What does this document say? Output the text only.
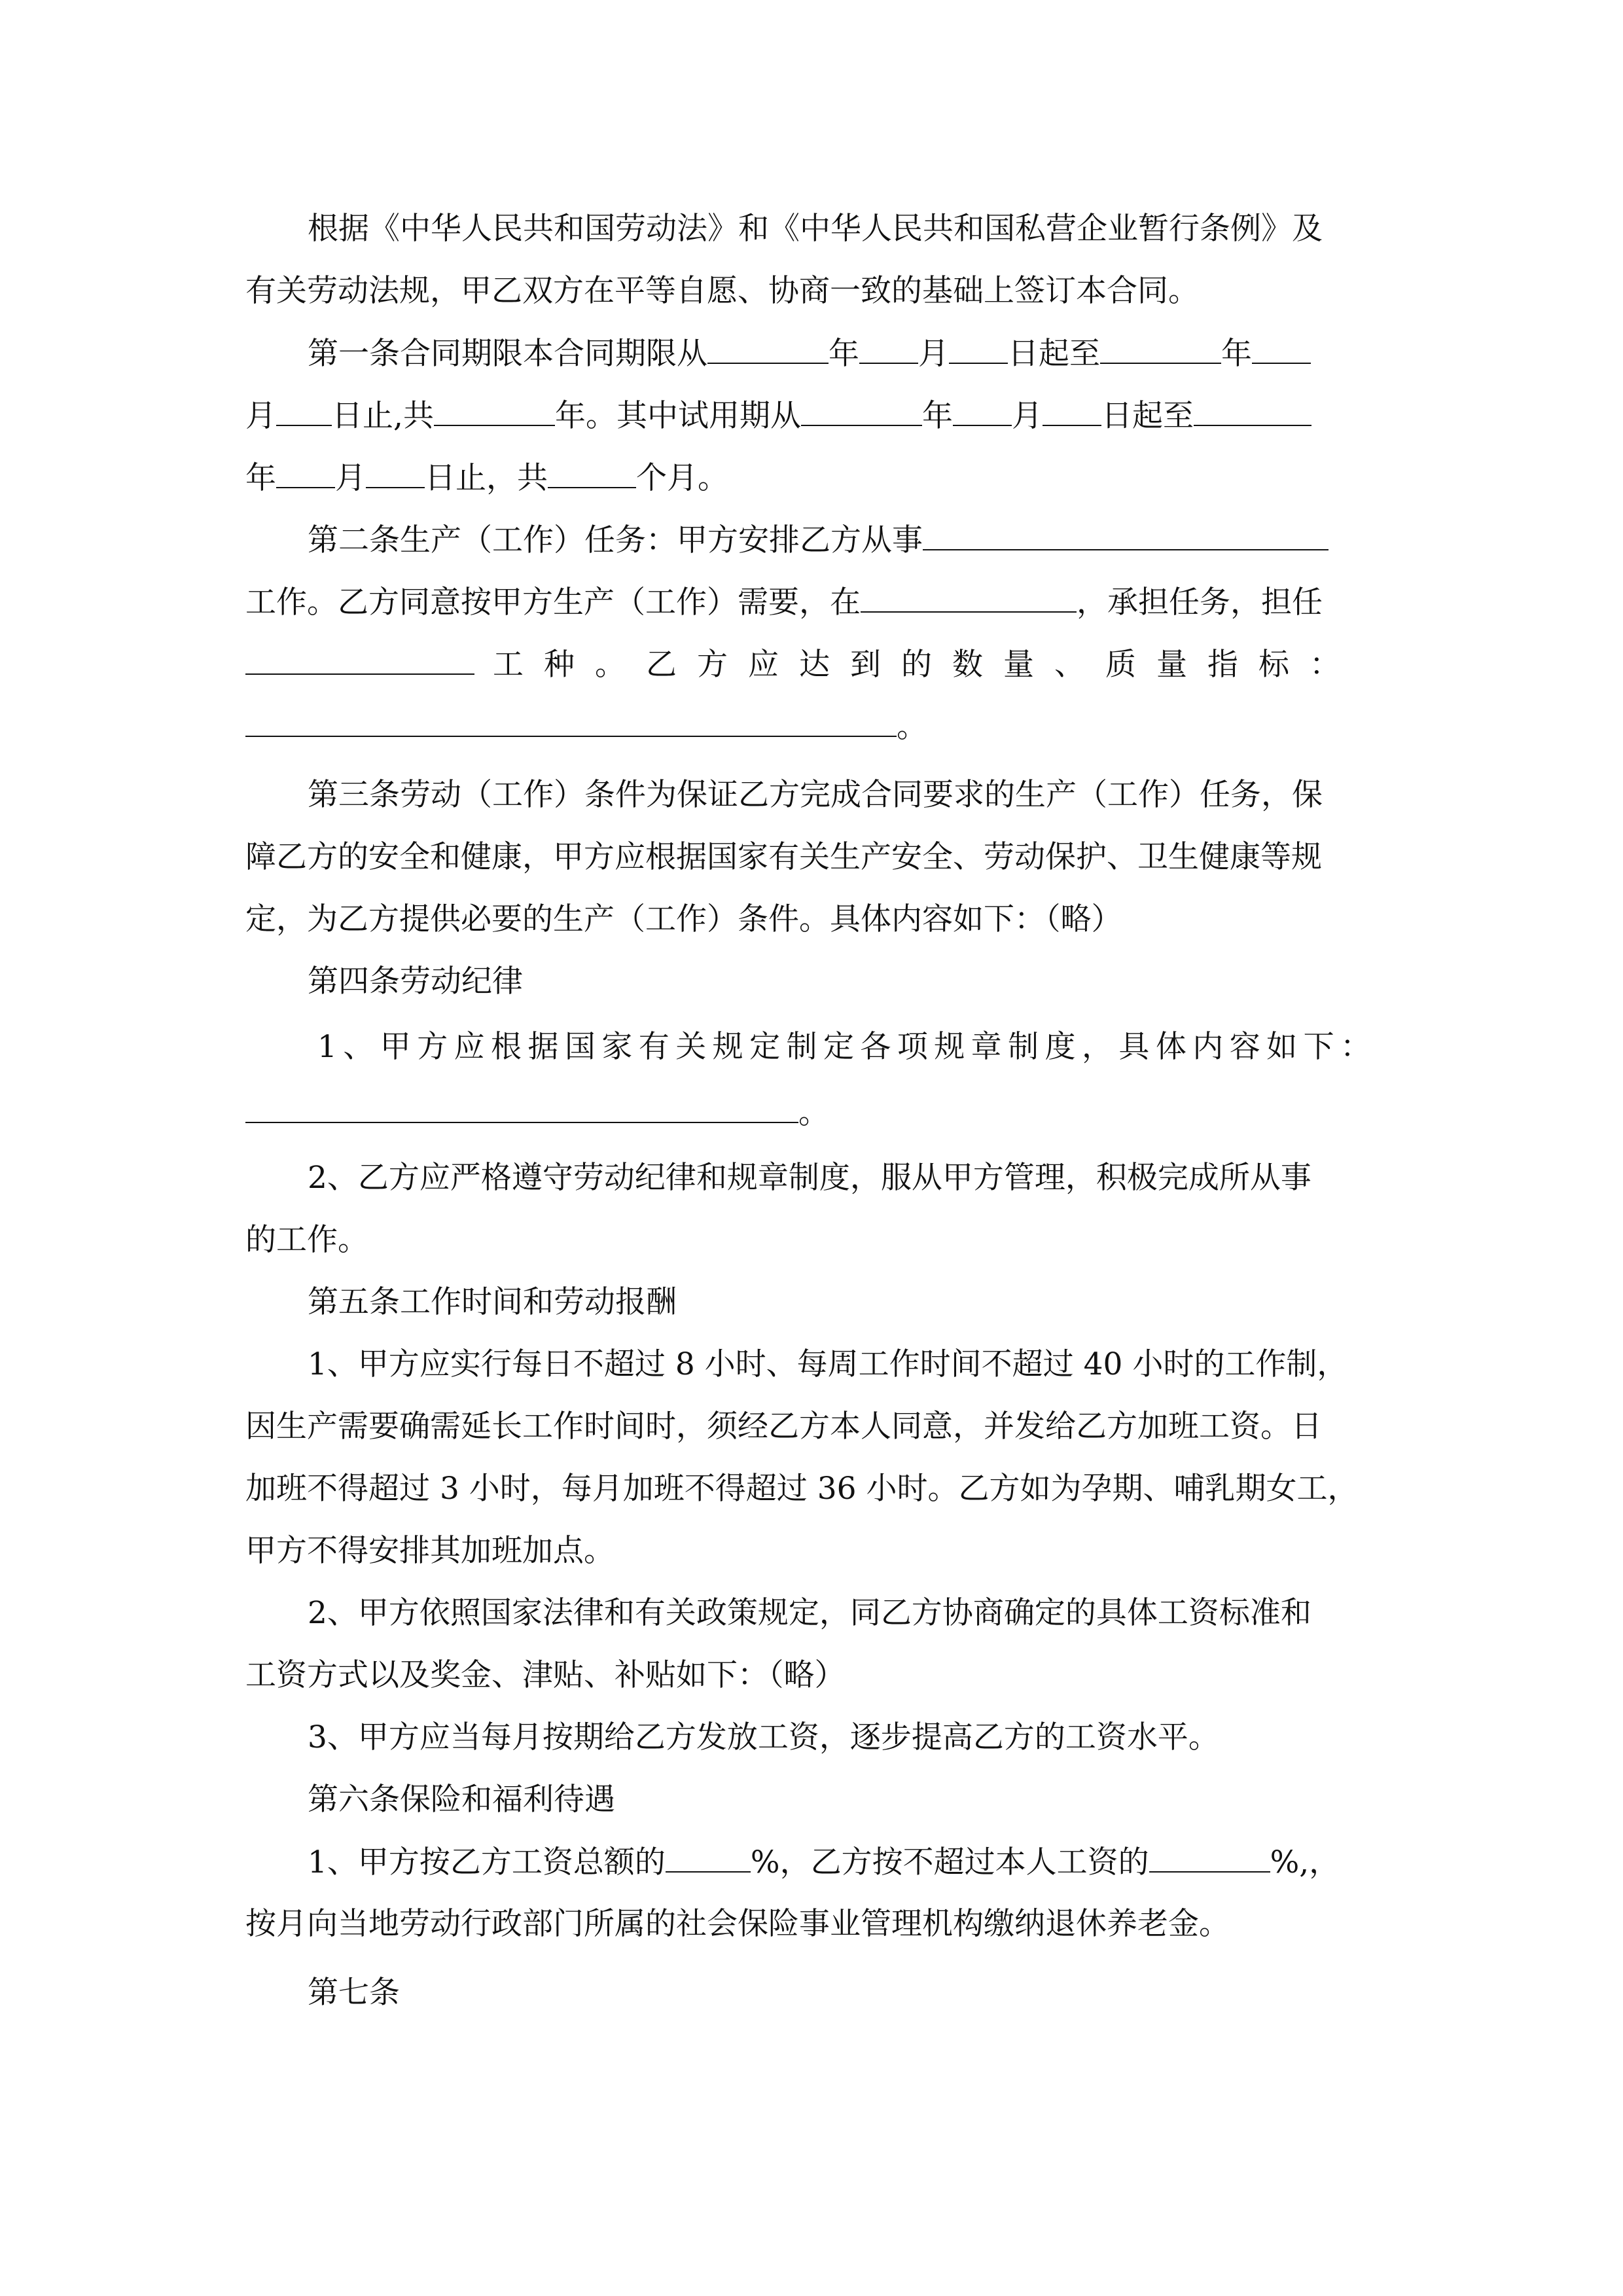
根据《中华人民共和国劳动法》和《中华人民共和国私营企业暂行条例》及
有关劳动法规，甲乙双方在平等自愿、协商一致的基础上签订本合同。
第一条合同期限本合同期限从	年 月 日起至	年
月 日止,共	年。其中试用期从	年 月 日起至
年 月 日止，共	个月。
第二条生产（工作）任务：甲方安排乙方从事
工作。乙方同意按甲方生产（工作）需要，在	，承担任务，担任
工种。乙方应达到的数量、质量指标：
。
第三条劳动（工作）条件为保证乙方完成合同要求的生产（工作）任务，保
障乙方的安全和健康，甲方应根据国家有关生产安全、劳动保护、卫生健康等规
定，为乙方提供必要的生产（工作）条件。具体内容如下：（略）
第四条劳动纪律
1、甲方应根据国家有关规定制定各项规章制度，具体内容如下：
。
2、乙方应严格遵守劳动纪律和规章制度，服从甲方管理，积极完成所从事
的工作。
第五条工作时间和劳动报酬
1、甲方应实行每日不超过 8 小时、每周工作时间不超过 40 小时的工作制，
因生产需要确需延长工作时间时，须经乙方本人同意，并发给乙方加班工资。日
加班不得超过 3 小时，每月加班不得超过 36 小时。乙方如为孕期、哺乳期女工，
甲方不得安排其加班加点。
2、甲方依照国家法律和有关政策规定，同乙方协商确定的具体工资标准和
工资方式以及奖金、津贴、补贴如下：（略）
3、甲方应当每月按期给乙方发放工资，逐步提高乙方的工资水平。
第六条保险和福利待遇
1、甲方按乙方工资总额的	%，乙方按不超过本人工资的	%,，
按月向当地劳动行政部门所属的社会保险事业管理机构缴纳退休养老金。
第七条
